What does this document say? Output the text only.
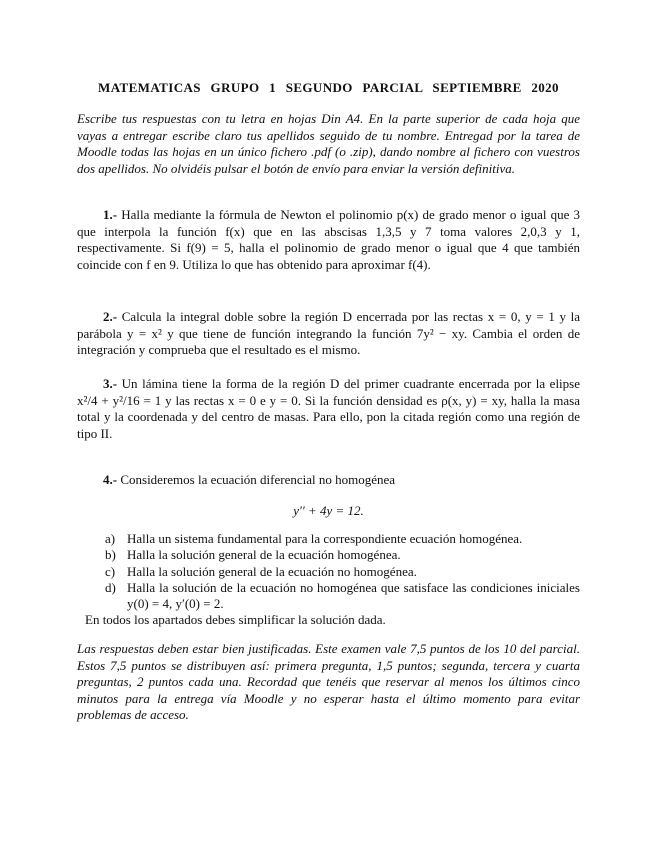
MATEMATICAS GRUPO 1 SEGUNDO PARCIAL SEPTIEMBRE 2020

Escribe tus respuestas con tu letra en hojas Din A4. En la parte superior de cada hoja que vayas a entregar escribe claro tus apellidos seguido de tu nombre. Entregad por la tarea de Moodle todas las hojas en un único fichero .pdf (o .zip), dando nombre al fichero con vuestros dos apellidos. No olvidéis pulsar el botón de envío para enviar la versión definitiva.

1.- Halla mediante la fórmula de Newton el polinomio p(x) de grado menor o igual que 3 que interpola la función f(x) que en las abscisas 1,3,5 y 7 toma valores 2,0,3 y 1, respectivamente. Si f(9) = 5, halla el polinomio de grado menor o igual que 4 que también coincide con f en 9. Utiliza lo que has obtenido para aproximar f(4).

2.- Calcula la integral doble sobre la región D encerrada por las rectas x = 0, y = 1 y la parábola y = x² y que tiene de función integrando la función 7y² − xy. Cambia el orden de integración y comprueba que el resultado es el mismo.

3.- Un lámina tiene la forma de la región D del primer cuadrante encerrada por la elipse x²/4 + y²/16 = 1 y las rectas x = 0 e y = 0. Si la función densidad es ρ(x, y) = xy, halla la masa total y la coordenada y del centro de masas. Para ello, pon la citada región como una región de tipo II.

4.- Consideremos la ecuación diferencial no homogénea

y′′ + 4y = 12.

a) Halla un sistema fundamental para la correspondiente ecuación homogénea.
b) Halla la solución general de la ecuación homogénea.
c) Halla la solución general de la ecuación no homogénea.
d) Halla la solución de la ecuación no homogénea que satisface las condiciones iniciales y(0) = 4, y′(0) = 2.

En todos los apartados debes simplificar la solución dada.

Las respuestas deben estar bien justificadas. Este examen vale 7,5 puntos de los 10 del parcial. Estos 7,5 puntos se distribuyen así: primera pregunta, 1,5 puntos; segunda, tercera y cuarta preguntas, 2 puntos cada una. Recordad que tenéis que reservar al menos los últimos cinco minutos para la entrega vía Moodle y no esperar hasta el último momento para evitar problemas de acceso.
